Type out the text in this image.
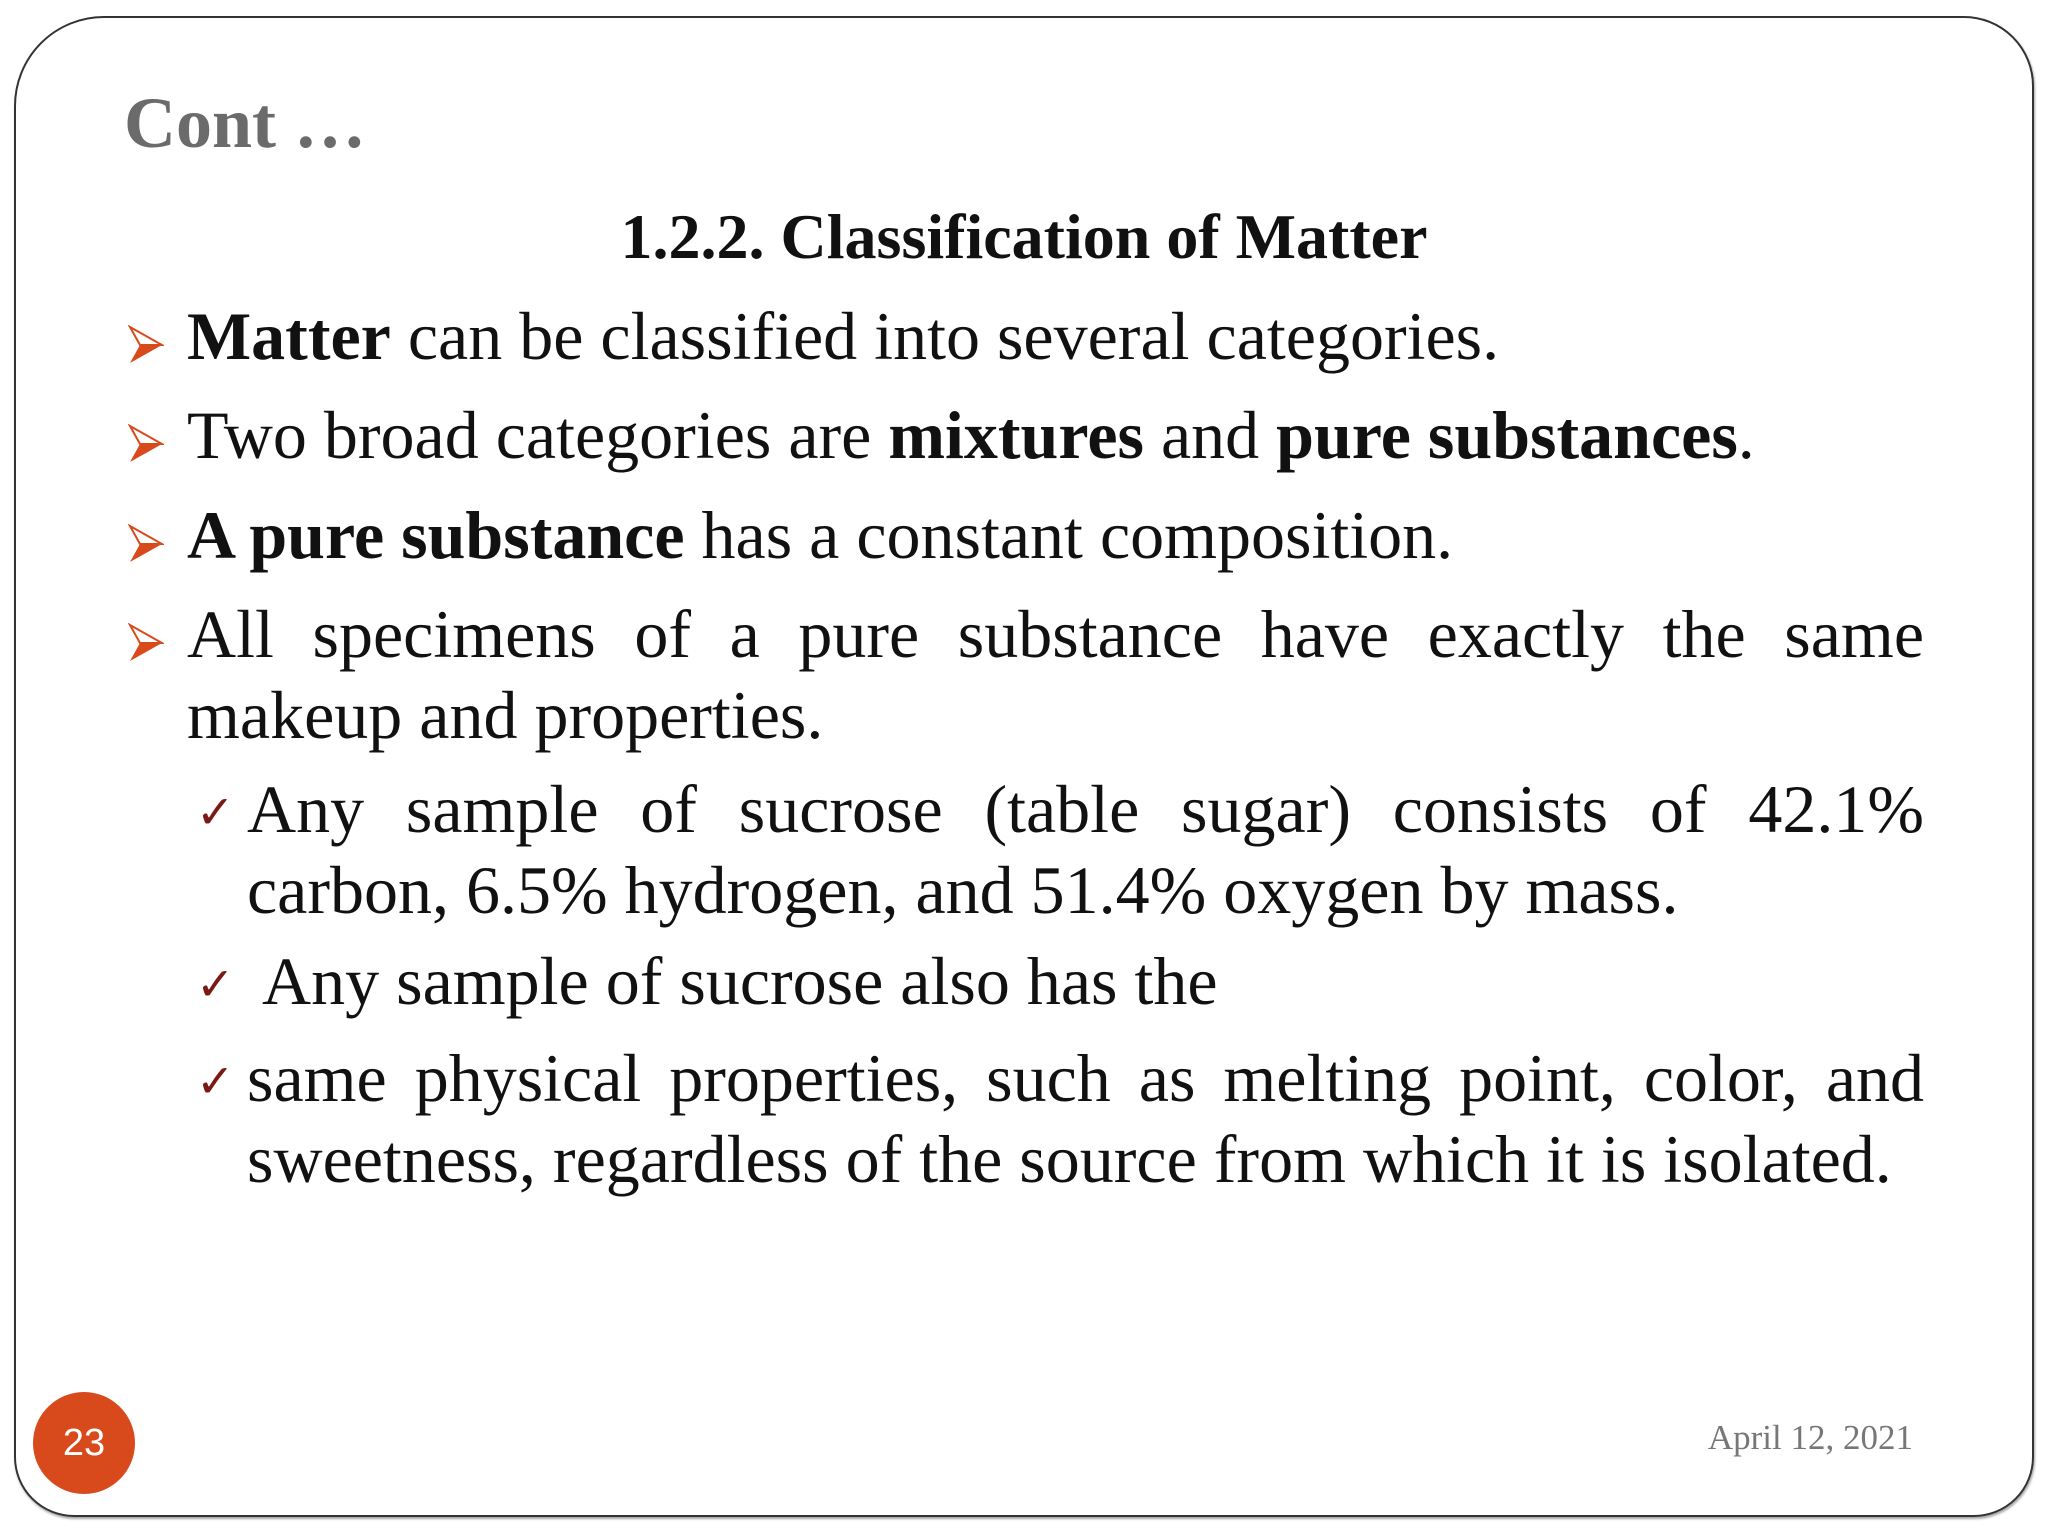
Cont …
1.2.2. Classification of Matter
Matter can be classified into several categories.
Two broad categories are mixtures and pure substances.
A pure substance has a constant composition.
All specimens of a pure substance have exactly the same makeup and properties.
✓ Any sample of sucrose (table sugar) consists of 42.1% carbon, 6.5% hydrogen, and 51.4% oxygen by mass.
✓ Any sample of sucrose also has the
✓ same physical properties, such as melting point, color, and sweetness, regardless of the source from which it is isolated.
23	April 12, 2021
